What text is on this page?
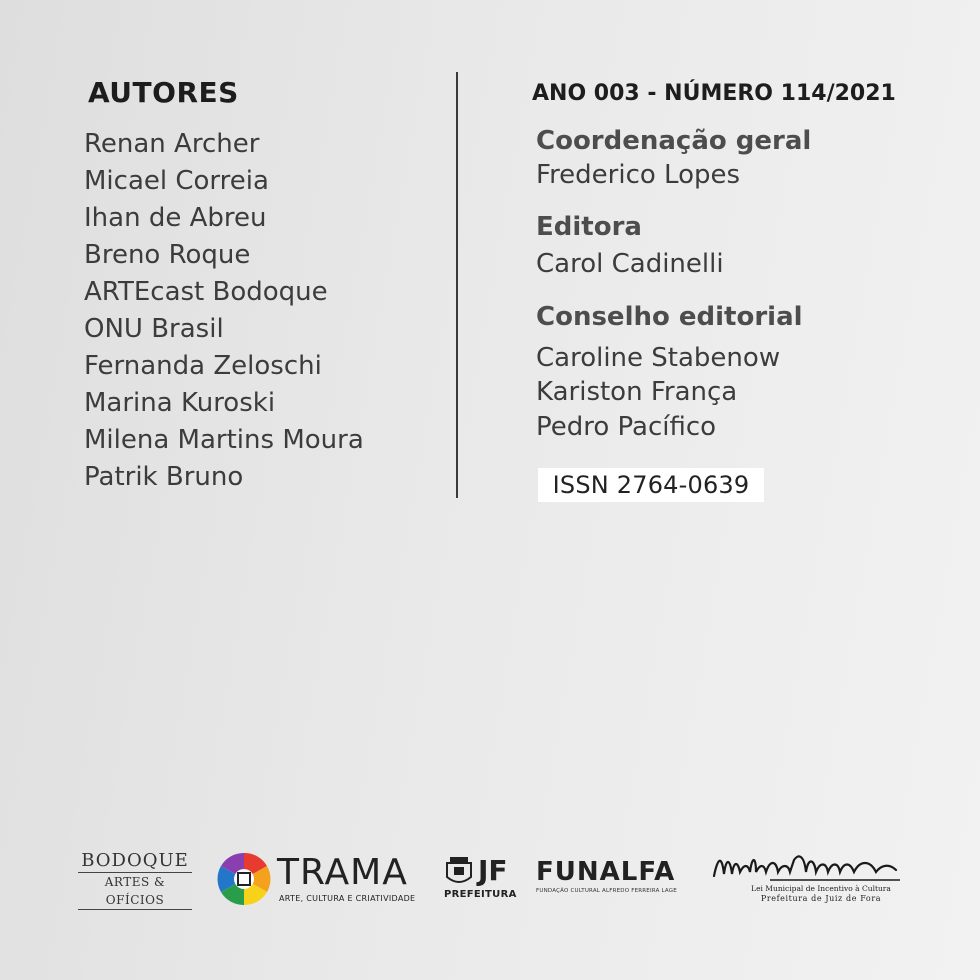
AUTORES
Renan Archer
Micael Correia
Ihan de Abreu
Breno Roque
ARTEcast Bodoque
ONU Brasil
Fernanda Zeloschi
Marina Kuroski
Milena Martins Moura
Patrik Bruno
ANO 003 - NÚMERO 114/2021
Coordenação geral
Frederico Lopes
Editora
Carol Cadinelli
Conselho editorial
Caroline Stabenow
Kariston França
Pedro Pacífico
ISSN 2764-0639
BODOQUE
ARTES & OFÍCIOS
TRAMA
ARTE, CULTURA E CRIATIVIDADE
JF
PREFEITURA
FUNALFA
FUNDAÇÃO CULTURAL ALFREDO FERREIRA LAGE	Lei Municipal de Incentivo à Cultura
Prefeitura de Juiz de Fora
